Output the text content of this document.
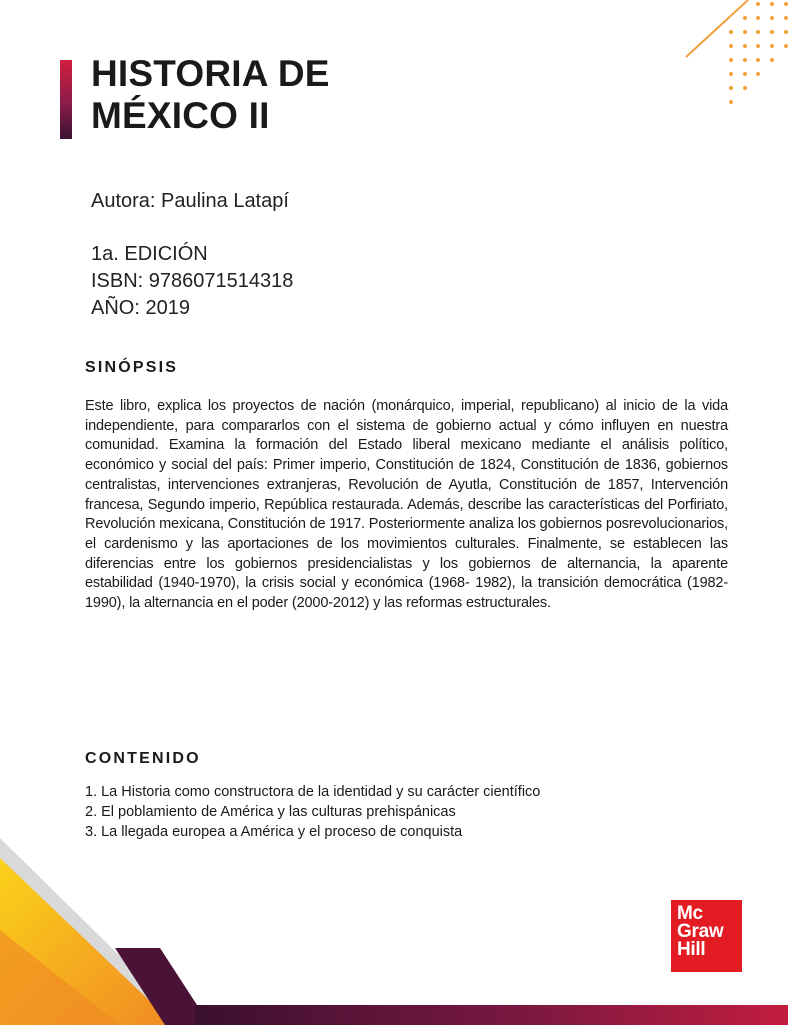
HISTORIA DE
MÉXICO II

Autora: Paulina Latapí

1a. EDICIÓN

ISBN: 9786071514318

AÑO: 2019

SINÓPSIS

Este libro, explica los proyectos de nación (monárquico, imperial, republicano) al inicio de la vida independiente, para compararlos con el sistema de gobierno actual y cómo influyen en nuestra comunidad. Examina la formación del Estado liberal mexicano mediante el análisis político, económico y social del país: Primer imperio, Constitución de 1824, Constitución de 1836, gobiernos centralistas, intervenciones extranjeras, Revolución de Ayutla, Constitución de 1857, Intervención francesa, Segundo imperio, República restaurada. Además, describe las características del Porfiriato, Revolución mexicana, Constitución de 1917. Posteriormente analiza los gobiernos posrevolucionarios, el cardenismo y las aportaciones de los movimientos culturales. Finalmente, se establecen las diferencias entre los gobiernos presidencialistas y los gobiernos de alternancia, la aparente estabilidad (1940-1970), la crisis social y económica (1968- 1982), la transición democrática (1982-1990), la alternancia en el poder (2000-2012) y las reformas estructurales.

CONTENIDO
1. La Historia como constructora de la identidad y su carácter científico
2. El poblamiento de América y las culturas prehispánicas
3. La llegada europea a América y el proceso de conquista
Mc
Graw
Hill
